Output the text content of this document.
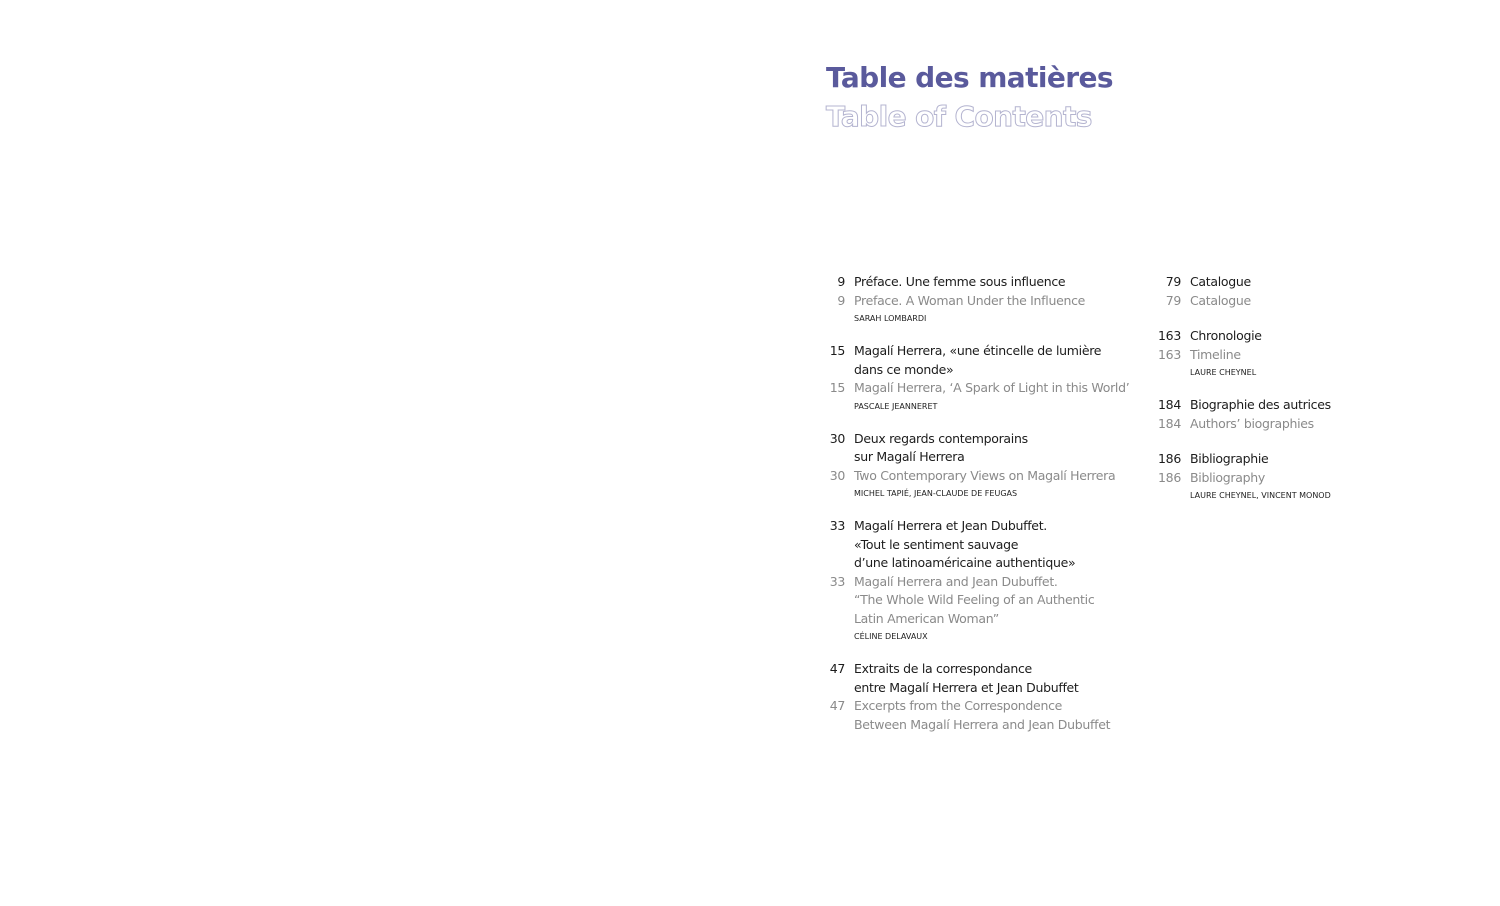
Table des matières
Table of Contents
9 Préface. Une femme sous influence
9 Preface. A Woman Under the Influence
SARAH LOMBARDI
15 Magalí Herrera, «une étincelle de lumière
dans ce monde»
15 Magalí Herrera, ‘A Spark of Light in this World’
PASCALE JEANNERET
30 Deux regards contemporains
sur Magalí Herrera
30 Two Contemporary Views on Magalí Herrera
MICHEL TAPIÉ, JEAN-CLAUDE DE FEUGAS
33 Magalí Herrera et Jean Dubuffet.
«Tout le sentiment sauvage
d’une latinoaméricaine authentique»
33 Magalí Herrera and Jean Dubuffet.
“The Whole Wild Feeling of an Authentic
Latin American Woman”
CÉLINE DELAVAUX
47 Extraits de la correspondance
entre Magalí Herrera et Jean Dubuffet
47 Excerpts from the Correspondence
Between Magalí Herrera and Jean Dubuffet
79 Catalogue
79 Catalogue
163 Chronologie
163 Timeline
LAURE CHEYNEL
184 Biographie des autrices
184 Authors’ biographies
186 Bibliographie
186 Bibliography
LAURE CHEYNEL, VINCENT MONOD
